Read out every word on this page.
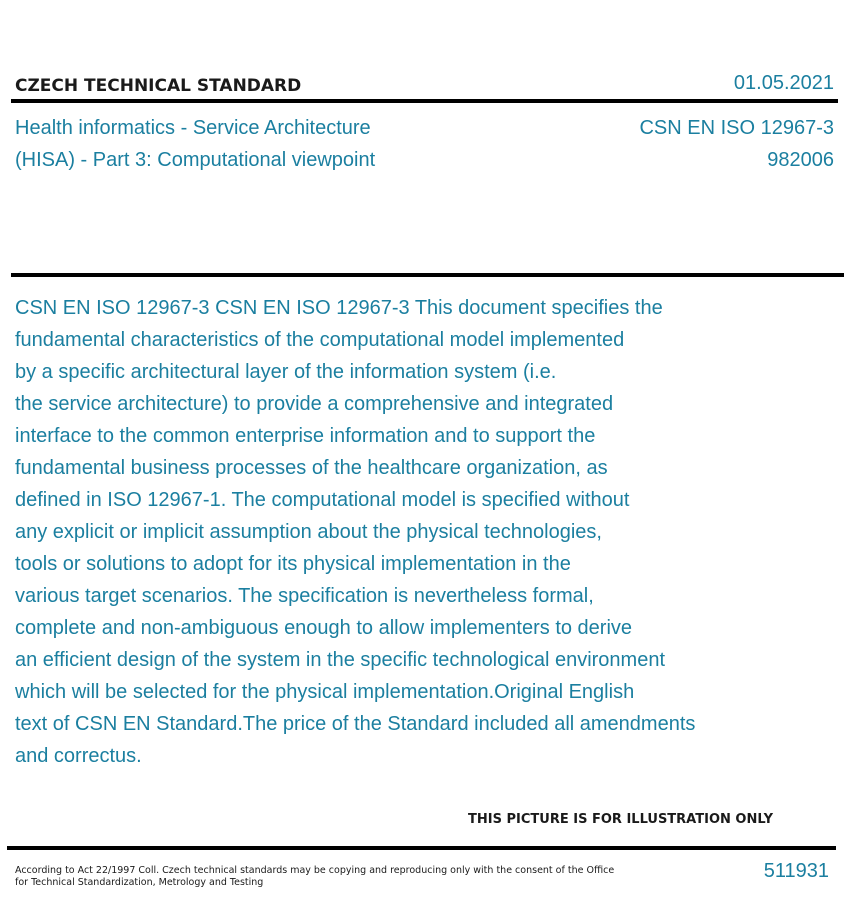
CZECH TECHNICAL STANDARD	01.05.2021
Health informatics - Service Architecture
(HISA) - Part 3: Computational viewpoint
CSN EN ISO 12967-3
982006
CSN EN ISO 12967-3 CSN EN ISO 12967-3 This document specifies the
fundamental characteristics of the computational model implemented
by a specific architectural layer of the information system (i.e.
the service architecture) to provide a comprehensive and integrated
interface to the common enterprise information and to support the
fundamental business processes of the healthcare organization, as
defined in ISO 12967-1. The computational model is specified without
any explicit or implicit assumption about the physical technologies,
tools or solutions to adopt for its physical implementation in the
various target scenarios. The specification is nevertheless formal,
complete and non-ambiguous enough to allow implementers to derive
an efficient design of the system in the specific technological environment
which will be selected for the physical implementation.Original English
text of CSN EN Standard.The price of the Standard included all amendments
and correctus.
THIS PICTURE IS FOR ILLUSTRATION ONLY
According to Act 22/1997 Coll. Czech technical standards may be copying and reproducing only with the consent of the Office
for Technical Standardization, Metrology and Testing
511931
